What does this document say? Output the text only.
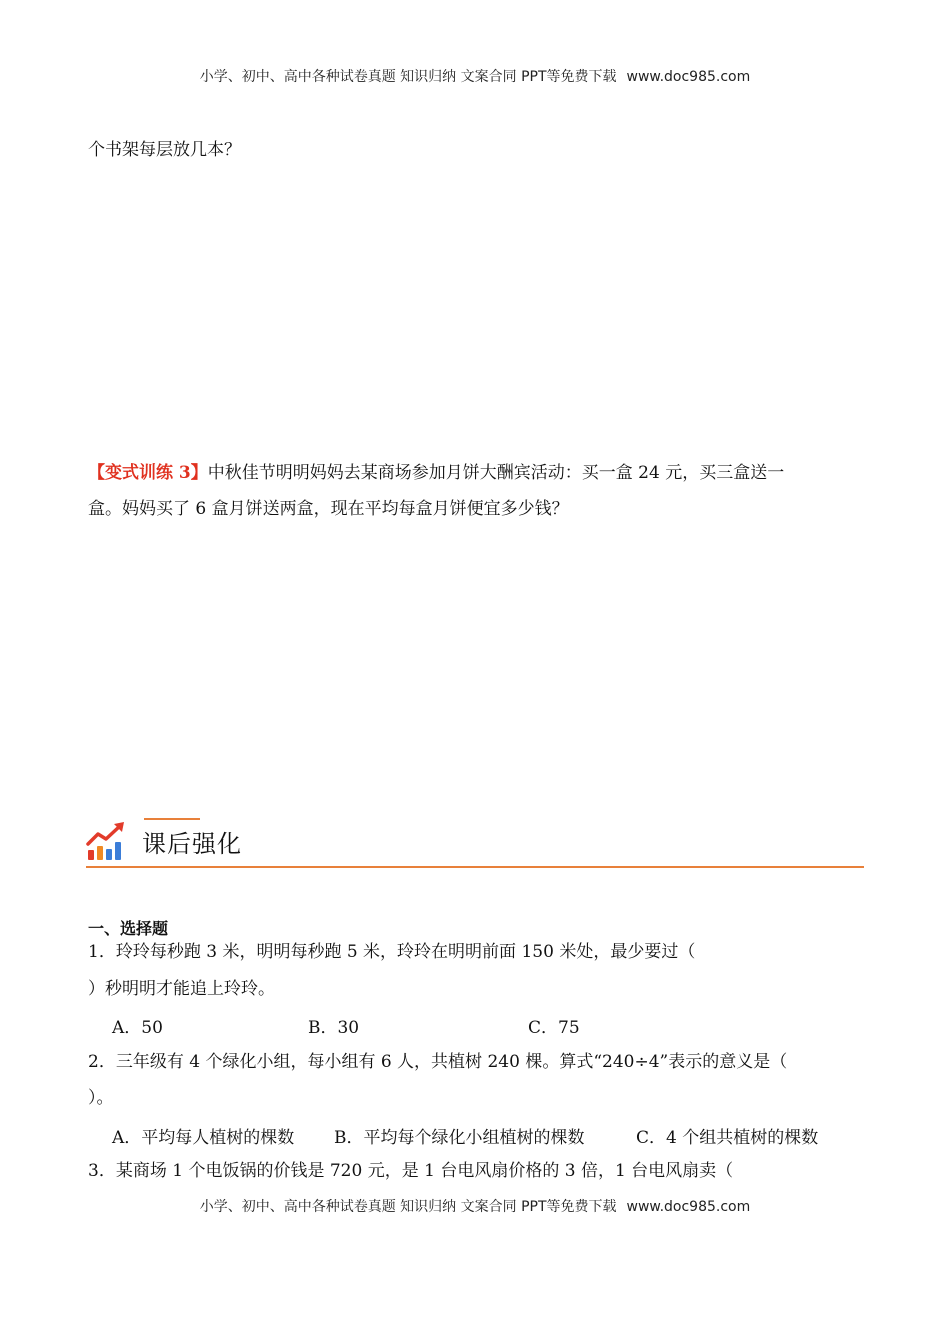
小学、初中、高中各种试卷真题 知识归纳 文案合同 PPT等免费下载 www.doc985.com
个书架每层放几本？
【变式训练 3】中秋佳节明明妈妈去某商场参加月饼大酬宾活动：买一盒 24 元，买三盒送一
盒。妈妈买了 6 盒月饼送两盒，现在平均每盒月饼便宜多少钱？
课后强化
一、选择题
1．玲玲每秒跑 3 米，明明每秒跑 5 米，玲玲在明明前面 150 米处，最少要过（
）秒明明才能追上玲玲。
A．50	B．30	C．75
2．三年级有 4 个绿化小组，每小组有 6 人，共植树 240 棵。算式“240÷4”表示的意义是（
）。
A．平均每人植树的棵数 B．平均每个绿化小组植树的棵数	C．4 个组共植树的棵数
3．某商场 1 个电饭锅的价钱是 720 元，是 1 台电风扇价格的 3 倍，1 台电风扇卖（
小学、初中、高中各种试卷真题 知识归纳 文案合同 PPT等免费下载 www.doc985.com
